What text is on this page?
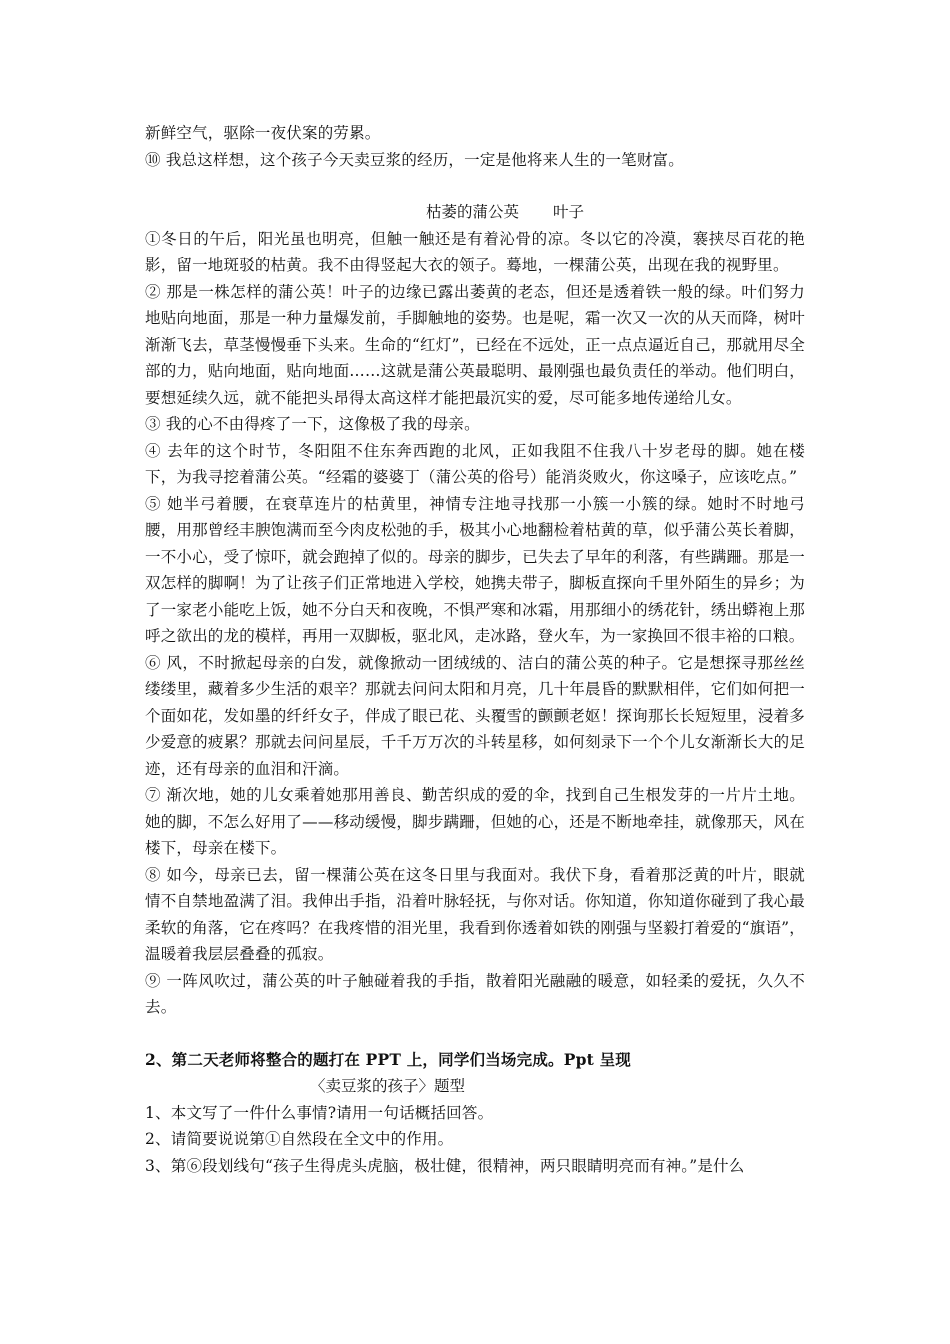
新鲜空气，驱除一夜伏案的劳累。

⑩ 我总这样想，这个孩子今天卖豆浆的经历，一定是他将来人生的一笔财富。

枯萎的蒲公英 叶子

①冬日的午后，阳光虽也明亮，但触一触还是有着沁骨的凉。冬以它的冷漠，褰挟尽百花的艳影，留一地斑驳的枯黄。我不由得竖起大衣的领子。蓦地，一棵蒲公英，出现在我的视野里。

② 那是一株怎样的蒲公英！叶子的边缘已露出萎黄的老态，但还是透着铁一般的绿。叶们努力地贴向地面，那是一种力量爆发前，手脚触地的姿势。也是呢，霜一次又一次的从天而降，树叶渐渐飞去，草茎慢慢垂下头来。生命的“红灯”，已经在不远处，正一点点逼近自己，那就用尽全部的力，贴向地面，贴向地面……这就是蒲公英最聪明、最刚强也最负责任的举动。他们明白，要想延续久远，就不能把头昂得太高这样才能把最沉实的爱，尽可能多地传递给儿女。

③ 我的心不由得疼了一下，这像极了我的母亲。

④ 去年的这个时节，冬阳阻不住东奔西跑的北风，正如我阻不住我八十岁老母的脚。她在楼下，为我寻挖着蒲公英。“经霜的婆婆丁（蒲公英的俗号）能消炎败火，你这嗓子，应该吃点。”

⑤ 她半弓着腰，在衰草连片的枯黄里，神情专注地寻找那一小簇一小簇的绿。她时不时地弓腰，用那曾经丰腴饱满而至今肉皮松弛的手，极其小心地翻检着枯黄的草，似乎蒲公英长着脚，一不小心，受了惊吓，就会跑掉了似的。母亲的脚步，已失去了早年的利落，有些蹒跚。那是一双怎样的脚啊！为了让孩子们正常地进入学校，她携夫带子，脚板直探向千里外陌生的异乡；为了一家老小能吃上饭，她不分白天和夜晚，不惧严寒和冰霜，用那细小的绣花针，绣出蟒袍上那呼之欲出的龙的模样，再用一双脚板，驱北风，走冰路，登火车，为一家换回不很丰裕的口粮。

⑥ 风，不时掀起母亲的白发，就像掀动一团绒绒的、洁白的蒲公英的种子。它是想探寻那丝丝缕缕里，藏着多少生活的艰辛？那就去问问太阳和月亮，几十年晨昏的默默相伴，它们如何把一个面如花，发如墨的纤纤女子，伴成了眼已花、头覆雪的颤颤老妪！探询那长长短短里，浸着多少爱意的疲累？那就去问问星辰，千千万万次的斗转星移，如何刻录下一个个儿女渐渐长大的足迹，还有母亲的血泪和汗滴。

⑦ 渐次地，她的儿女乘着她那用善良、勤苦织成的爱的伞，找到自己生根发芽的一片片土地。她的脚，不怎么好用了——移动缓慢，脚步蹒跚，但她的心，还是不断地牵挂，就像那天，风在楼下，母亲在楼下。

⑧ 如今，母亲已去，留一棵蒲公英在这冬日里与我面对。我伏下身，看着那泛黄的叶片，眼就情不自禁地盈满了泪。我伸出手指，沿着叶脉轻抚，与你对话。你知道，你知道你碰到了我心最柔软的角落，它在疼吗？在我疼惜的泪光里，我看到你透着如铁的刚强与坚毅打着爱的“旗语”，温暖着我层层叠叠的孤寂。

⑨ 一阵风吹过，蒲公英的叶子触碰着我的手指，散着阳光融融的暖意，如轻柔的爱抚，久久不去。

2、第二天老师将整合的题打在 PPT 上，同学们当场完成。Ppt 呈现

〈卖豆浆的孩子〉题型

1、本文写了一件什么事情?请用一句话概括回答。

2、请简要说说第①自然段在全文中的作用。

3、第⑥段划线句“孩子生得虎头虎脑，极壮健，很精神，两只眼睛明亮而有神。”是什么
